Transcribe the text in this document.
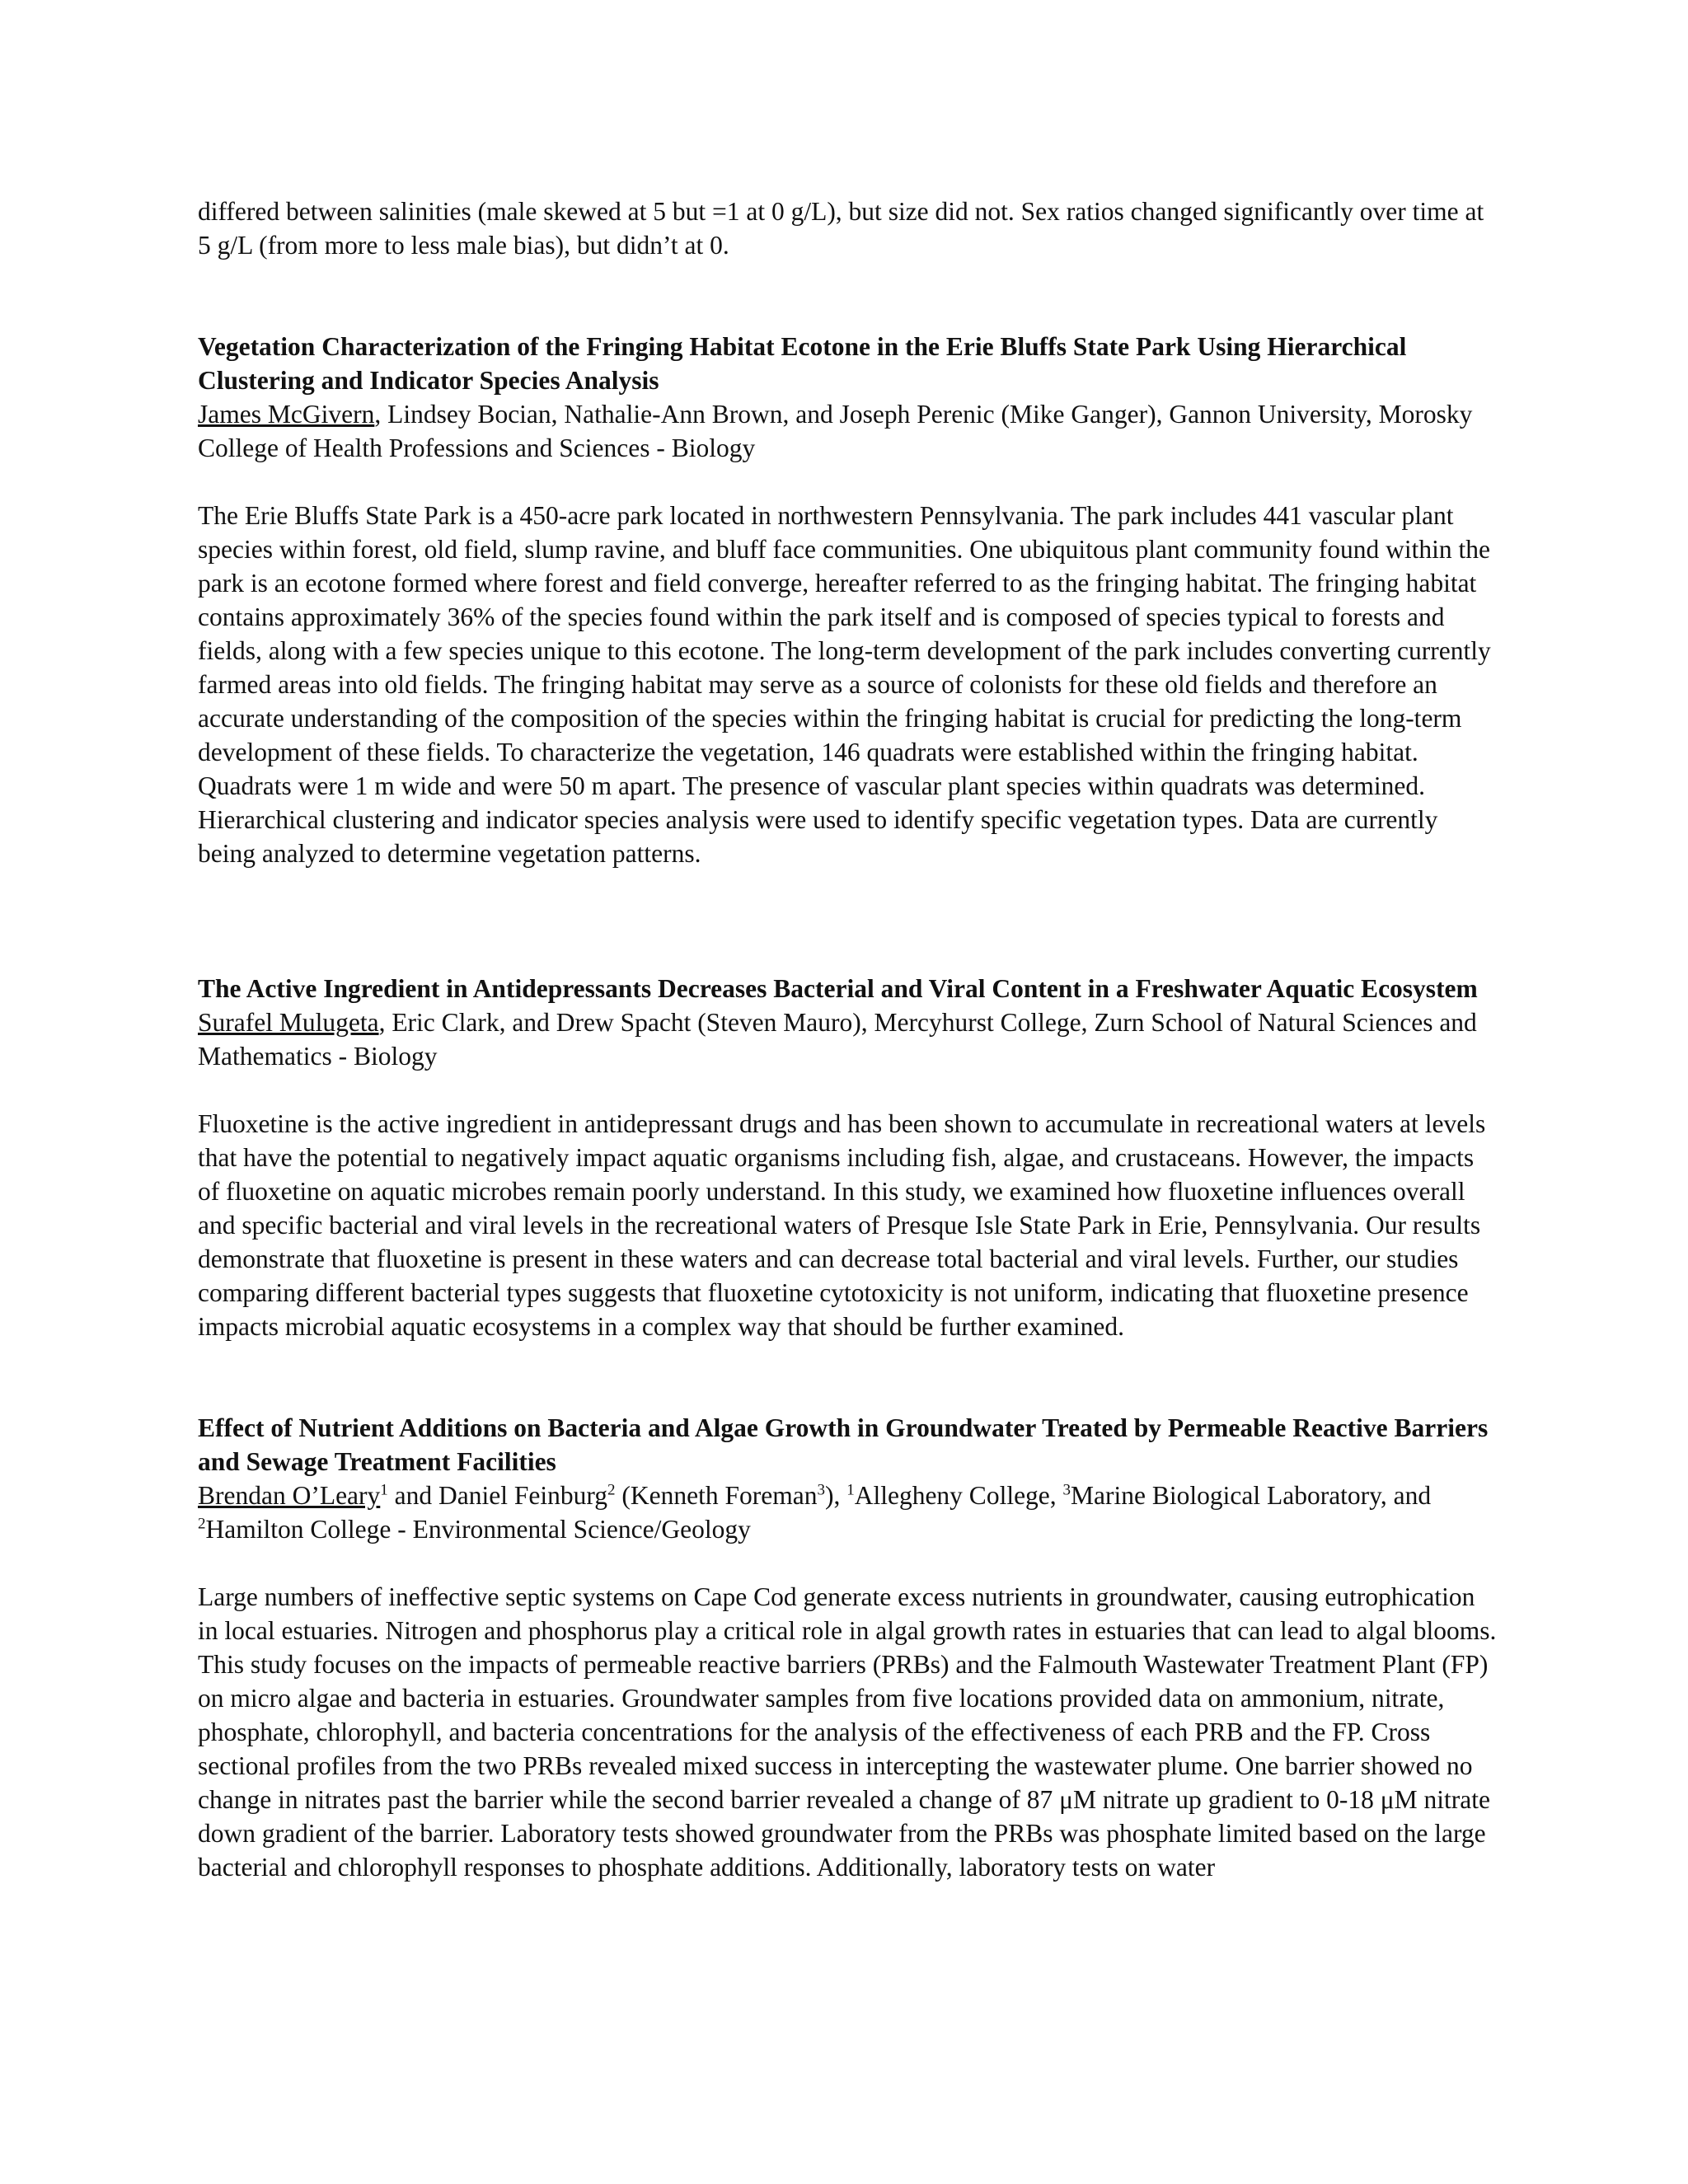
differed between salinities (male skewed at 5 but =1 at 0 g/L), but size did not. Sex ratios changed significantly over time at 5 g/L (from more to less male bias), but didn’t at 0.

Vegetation Characterization of the Fringing Habitat Ecotone in the Erie Bluffs State Park Using Hierarchical Clustering and Indicator Species Analysis

James McGivern, Lindsey Bocian, Nathalie-Ann Brown, and Joseph Perenic (Mike Ganger), Gannon University, Morosky College of Health Professions and Sciences - Biology

The Erie Bluffs State Park is a 450-acre park located in northwestern Pennsylvania. The park includes 441 vascular plant species within forest, old field, slump ravine, and bluff face communities. One ubiquitous plant community found within the park is an ecotone formed where forest and field converge, hereafter referred to as the fringing habitat. The fringing habitat contains approximately 36% of the species found within the park itself and is composed of species typical to forests and fields, along with a few species unique to this ecotone. The long-term development of the park includes converting currently farmed areas into old fields. The fringing habitat may serve as a source of colonists for these old fields and therefore an accurate understanding of the composition of the species within the fringing habitat is crucial for predicting the long-term development of these fields. To characterize the vegetation, 146 quadrats were established within the fringing habitat. Quadrats were 1 m wide and were 50 m apart. The presence of vascular plant species within quadrats was determined. Hierarchical clustering and indicator species analysis were used to identify specific vegetation types. Data are currently being analyzed to determine vegetation patterns.

The Active Ingredient in Antidepressants Decreases Bacterial and Viral Content in a Freshwater Aquatic Ecosystem

Surafel Mulugeta, Eric Clark, and Drew Spacht (Steven Mauro), Mercyhurst College, Zurn School of Natural Sciences and Mathematics - Biology

Fluoxetine is the active ingredient in antidepressant drugs and has been shown to accumulate in recreational waters at levels that have the potential to negatively impact aquatic organisms including fish, algae, and crustaceans. However, the impacts of fluoxetine on aquatic microbes remain poorly understand. In this study, we examined how fluoxetine influences overall and specific bacterial and viral levels in the recreational waters of Presque Isle State Park in Erie, Pennsylvania. Our results demonstrate that fluoxetine is present in these waters and can decrease total bacterial and viral levels. Further, our studies comparing different bacterial types suggests that fluoxetine cytotoxicity is not uniform, indicating that fluoxetine presence impacts microbial aquatic ecosystems in a complex way that should be further examined.

Effect of Nutrient Additions on Bacteria and Algae Growth in Groundwater Treated by Permeable Reactive Barriers and Sewage Treatment Facilities

Brendan O’Leary$^1$ and Daniel Feinburg$^2$ (Kenneth Foreman$^3$), $^1$Allegheny College, $^3$Marine Biological Laboratory, and $^2$Hamilton College - Environmental Science/Geology

Large numbers of ineffective septic systems on Cape Cod generate excess nutrients in groundwater, causing eutrophication in local estuaries. Nitrogen and phosphorus play a critical role in algal growth rates in estuaries that can lead to algal blooms. This study focuses on the impacts of permeable reactive barriers (PRBs) and the Falmouth Wastewater Treatment Plant (FP) on micro algae and bacteria in estuaries. Groundwater samples from five locations provided data on ammonium, nitrate, phosphate, chlorophyll, and bacteria concentrations for the analysis of the effectiveness of each PRB and the FP. Cross sectional profiles from the two PRBs revealed mixed success in intercepting the wastewater plume. One barrier showed no change in nitrates past the barrier while the second barrier revealed a change of 87 μM nitrate up gradient to 0-18 μM nitrate down gradient of the barrier. Laboratory tests showed groundwater from the PRBs was phosphate limited based on the large bacterial and chlorophyll responses to phosphate additions. Additionally, laboratory tests on water
